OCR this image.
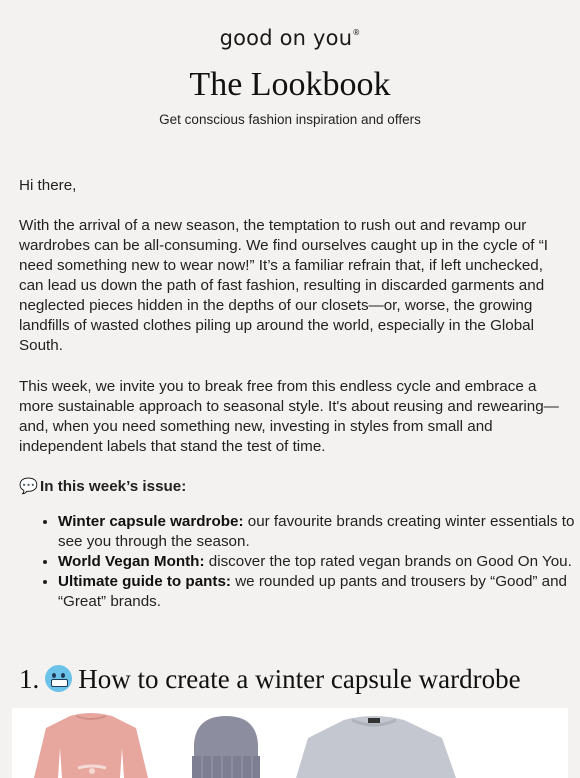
good on you®
The Lookbook
Get conscious fashion inspiration and offers
Hi there,
With the arrival of a new season, the temptation to rush out and revamp our wardrobes can be all-consuming. We find ourselves caught up in the cycle of “I need something new to wear now!” It’s a familiar refrain that, if left unchecked, can lead us down the path of fast fashion, resulting in discarded garments and neglected pieces hidden in the depths of our closets—or, worse, the growing landfills of wasted clothes piling up around the world, especially in the Global South.
This week, we invite you to break free from this endless cycle and embrace a more sustainable approach to seasonal style. It's about reusing and rewearing—and, when you need something new, investing in styles from small and independent labels that stand the test of time.
💬 In this week’s issue:
• Winter capsule wardrobe: our favourite brands creating winter essentials to see you through the season.
• World Vegan Month: discover the top rated vegan brands on Good On You.
• Ultimate guide to pants: we rounded up pants and trousers by “Good” and “Great” brands.
1. How to create a winter capsule wardrobe
